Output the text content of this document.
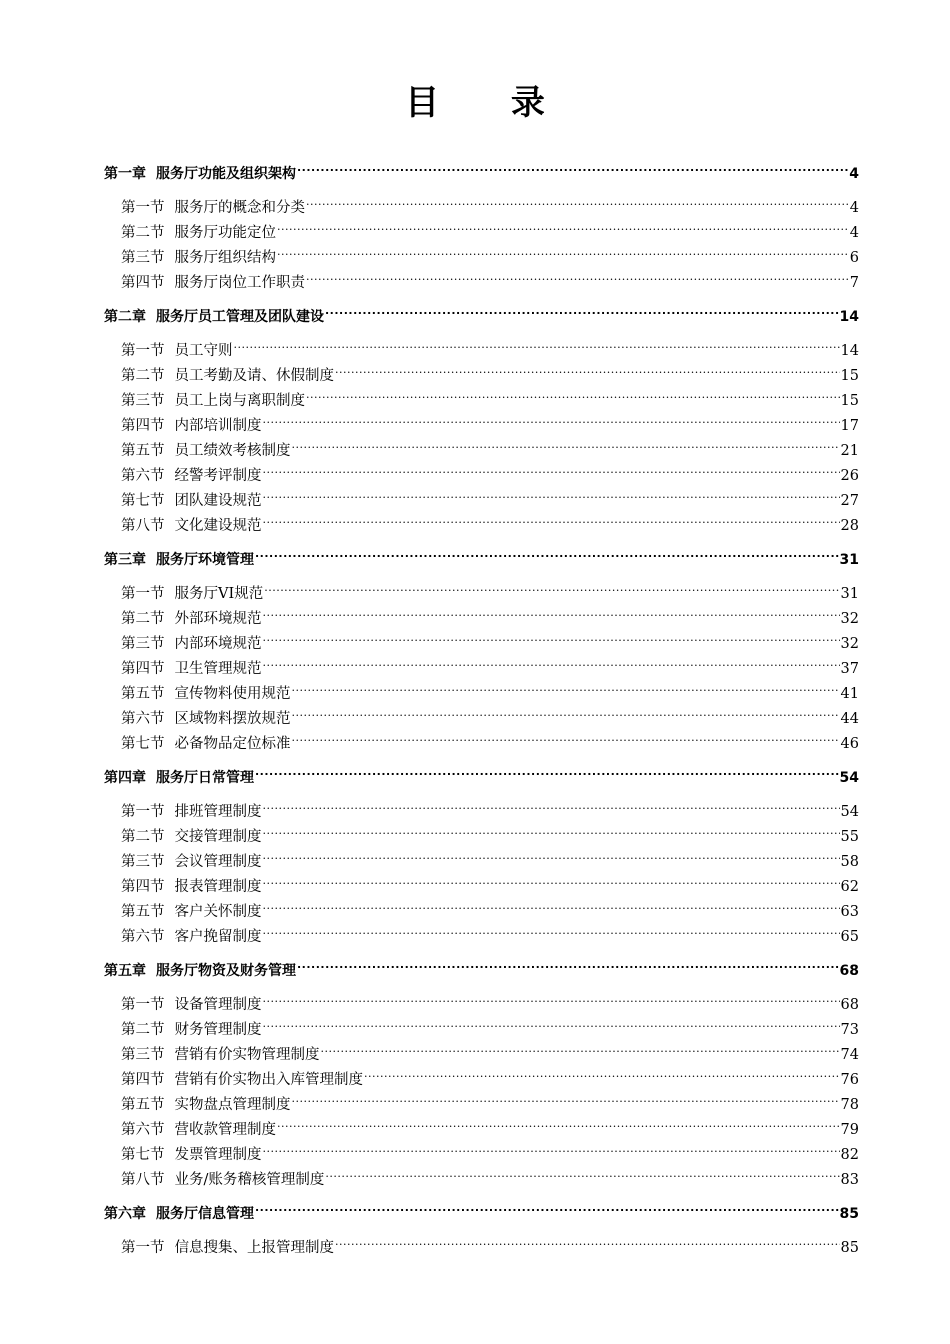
目 录
第一章 服务厅功能及组织架构 .....	4
第一节 服务厅的概念和分类 .....	4
第二节 服务厅功能定位 .....	4
第三节 服务厅组织结构 .....	6
第四节 服务厅岗位工作职责 .....	7
第二章 服务厅员工管理及团队建设 .....	14
第一节 员工守则 .....	14
第二节 员工考勤及请、休假制度 .....	15
第三节 员工上岗与离职制度 .....	15
第四节 内部培训制度 .....	17
第五节 员工绩效考核制度 .....	21
第六节 经警考评制度 .....	26
第七节 团队建设规范 .....	27
第八节 文化建设规范 .....	28
第三章 服务厅环境管理 .....	31
第一节 服务厅VI规范 .....	31
第二节 外部环境规范 .....	32
第三节 内部环境规范 .....	32
第四节 卫生管理规范 .....	37
第五节 宣传物料使用规范 .....	41
第六节 区域物料摆放规范 .....	44
第七节 必备物品定位标准 .....	46
第四章 服务厅日常管理 .....	54
第一节 排班管理制度 .....	54
第二节 交接管理制度 .....	55
第三节 会议管理制度 .....	58
第四节 报表管理制度 .....	62
第五节 客户关怀制度 .....	63
第六节 客户挽留制度 .....	65
第五章 服务厅物资及财务管理 .....	68
第一节 设备管理制度 .....	68
第二节 财务管理制度 .....	73
第三节 营销有价实物管理制度 .....	74
第四节 营销有价实物出入库管理制度 .....	76
第五节 实物盘点管理制度 .....	78
第六节 营收款管理制度 .....	79
第七节 发票管理制度 .....	82
第八节 业务/账务稽核管理制度 .....	83
第六章 服务厅信息管理 .....	85
第一节 信息搜集、上报管理制度 .....	85
